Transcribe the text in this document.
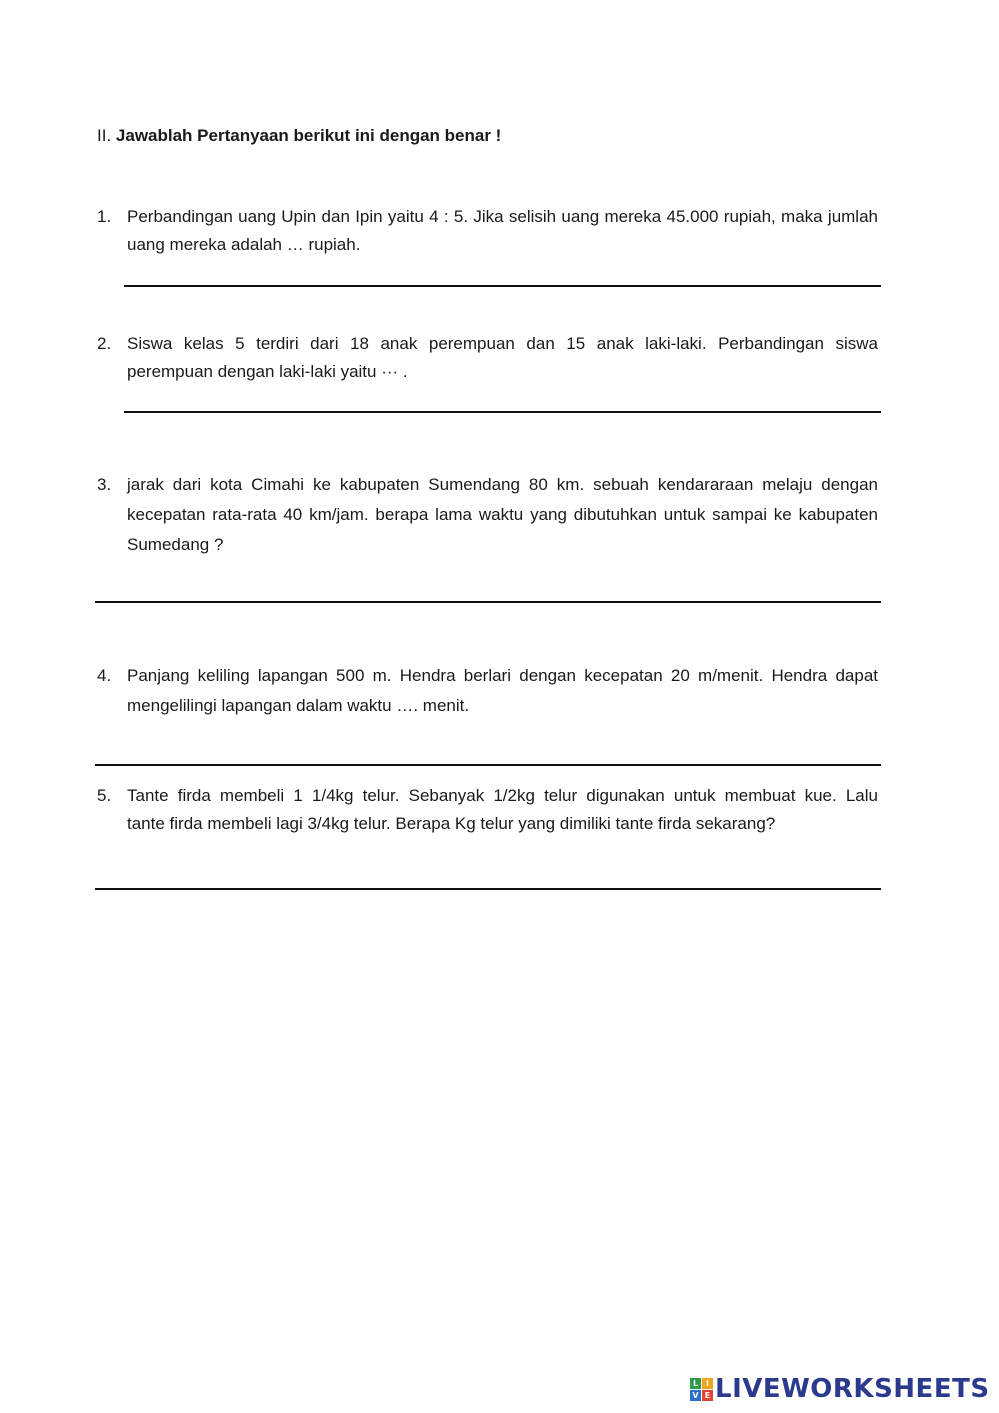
II. Jawablah Pertanyaan berikut ini dengan benar !
1. Perbandingan uang Upin dan Ipin yaitu 4 : 5. Jika selisih uang mereka 45.000 rupiah, maka jumlah uang mereka adalah … rupiah.
2. Siswa kelas 5 terdiri dari 18 anak perempuan dan 15 anak laki-laki. Perbandingan siswa perempuan dengan laki-laki yaitu ··· .
3. jarak dari kota Cimahi ke kabupaten Sumendang 80 km. sebuah kendararaan melaju dengan kecepatan rata-rata 40 km/jam. berapa lama waktu yang dibutuhkan untuk sampai ke kabupaten Sumedang ?
4. Panjang keliling lapangan 500 m. Hendra berlari dengan kecepatan 20 m/menit. Hendra dapat mengelilingi lapangan dalam waktu …. menit.
5. Tante firda membeli 1 1/4kg telur. Sebanyak 1/2kg telur digunakan untuk membuat kue. Lalu      tante firda membeli lagi 3/4kg telur. Berapa Kg telur yang dimiliki tante firda sekarang?
L I
V E LIVEWORKSHEETS
